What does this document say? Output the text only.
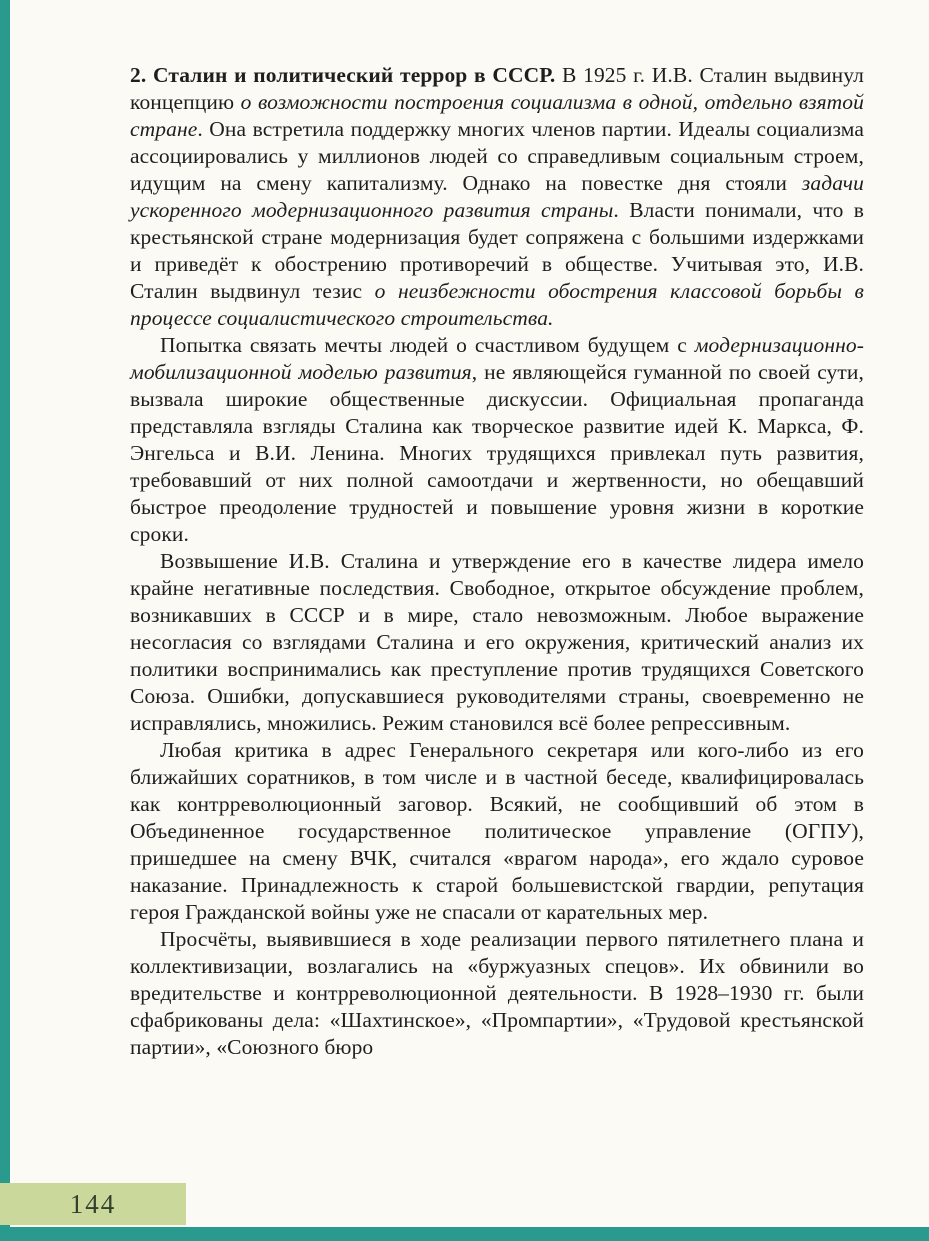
2. Сталин и политический террор в СССР. В 1925 г. И.В. Сталин выдвинул концепцию о возможности построения социализма в одной, отдельно взятой стране. Она встретила поддержку многих членов партии. Идеалы социализма ассоциировались у миллионов людей со справедливым социальным строем, идущим на смену капитализму. Однако на повестке дня стояли задачи ускоренного модернизационного развития страны. Власти понимали, что в крестьянской стране модернизация будет сопряжена с большими издержками и приведёт к обострению противоречий в обществе. Учитывая это, И.В. Сталин выдвинул тезис о неизбежности обострения классовой борьбы в процессе социалистического строительства.

Попытка связать мечты людей о счастливом будущем с модернизационно-мобилизационной моделью развития, не являющейся гуманной по своей сути, вызвала широкие общественные дискуссии. Официальная пропаганда представляла взгляды Сталина как творческое развитие идей К. Маркса, Ф. Энгельса и В.И. Ленина. Многих трудящихся привлекал путь развития, требовавший от них полной самоотдачи и жертвенности, но обещавший быстрое преодоление трудностей и повышение уровня жизни в короткие сроки.

Возвышение И.В. Сталина и утверждение его в качестве лидера имело крайне негативные последствия. Свободное, открытое обсуждение проблем, возникавших в СССР и в мире, стало невозможным. Любое выражение несогласия со взглядами Сталина и его окружения, критический анализ их политики воспринимались как преступление против трудящихся Советского Союза. Ошибки, допускавшиеся руководителями страны, своевременно не исправлялись, множились. Режим становился всё более репрессивным.

Любая критика в адрес Генерального секретаря или кого-либо из его ближайших соратников, в том числе и в частной беседе, квалифицировалась как контрреволюционный заговор. Всякий, не сообщивший об этом в Объединенное государственное политическое управление (ОГПУ), пришедшее на смену ВЧК, считался «врагом народа», его ждало суровое наказание. Принадлежность к старой большевистской гвардии, репутация героя Гражданской войны уже не спасали от карательных мер.

Просчёты, выявившиеся в ходе реализации первого пятилетнего плана и коллективизации, возлагались на «буржуазных спецов». Их обвинили во вредительстве и контрреволюционной деятельности. В 1928–1930 гг. были сфабрикованы дела: «Шахтинское», «Промпартии», «Трудовой крестьянской партии», «Союзного бюро

144
